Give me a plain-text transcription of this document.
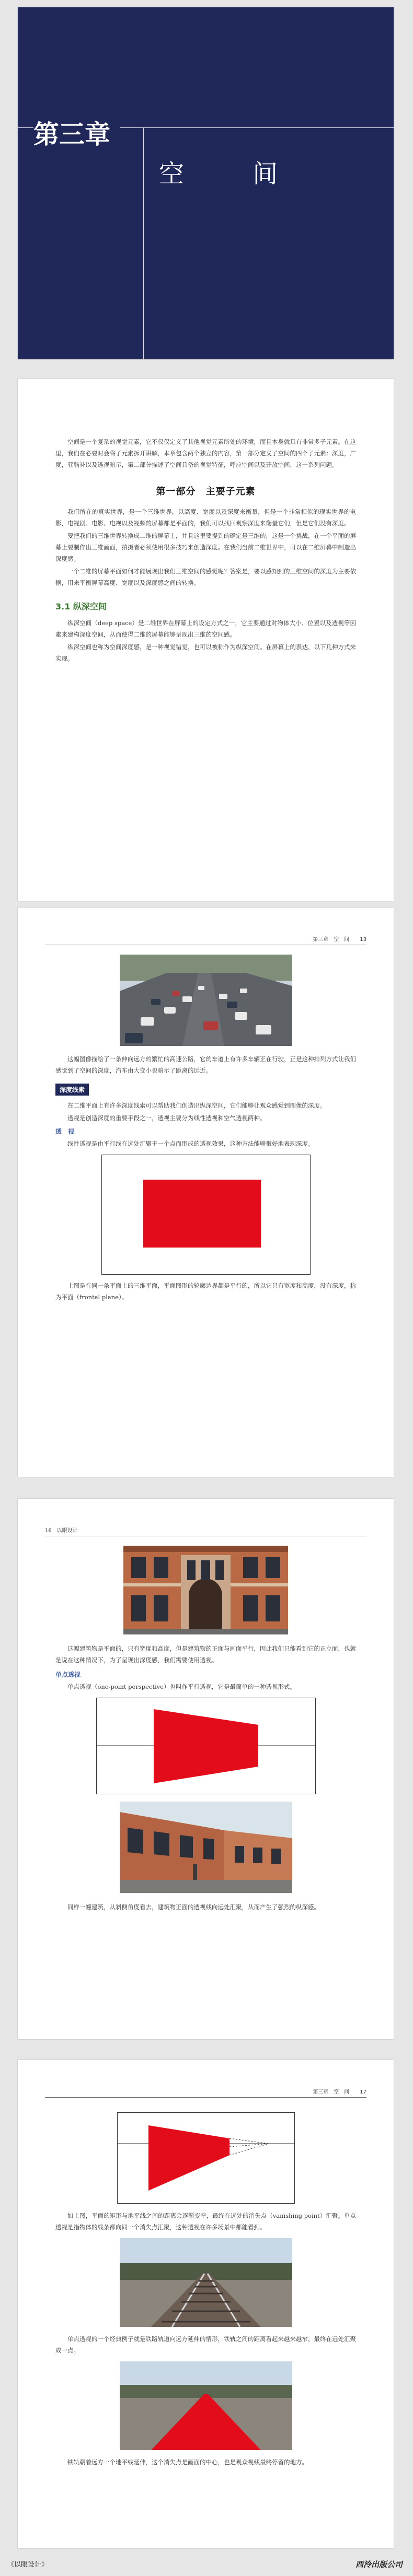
第三章
空 间

空间是一个复杂的视觉元素，它不仅仅定义了其他视觉元素所处的环境，而且本身就具有非常多子元素。在这里，我们在必要时会将子元素拆开讲解，本章包含两个独立的内容，第一部分定义了空间的四个子元素：深度，广度，亚脑补以及透视暗示，第二部分描述了空间具备的视觉特征，呼应空间以及开放空间，这一系列问题。

第一部分　主要子元素

我们所在的真实世界，是一个三维世界，以高度、宽度以及深度来衡量，但是一个非常相似的现实世界的电影，电视剧、电影、电视以及视频的屏幕都是平面的，我们可以找回观察深度来衡量它们，但是它们没有深度。

要把我们的三维世界转换成二维的屏幕上，并且这里要提到的确定是三维的，这是一个挑战，在一个平面的屏幕上要制作出三维画面，拍摄者必须使用很多技巧来创造深度。在我们当前二维世界中，可以在二维屏幕中制造出深度感。

一个二维的屏幕平面如何才能展现出我们三维空间的感觉呢？答案是，要以感知到的三维空间的深度为主要依据，用来平衡屏幕高度、宽度以及深度感之间的转换。

3.1 纵深空间

纵深空间（deep space）是二维世界在屏幕上的设定方式之一，它主要通过对物体大小、位置以及透视等因素来建构深度空间，从而使得二维的屏幕能够呈现出三维的空间感。

纵深空间也称为空间深度感，是一种视觉错觉，也可以被称作为纵深空间。在屏幕上的表达，以下几种方式来实现。

第三章　空　间　　13

这幅图像描绘了一条伸向远方的繁忙的高速公路，它的车道上有许多车辆正在行驶，正是这种排列方式让我们感觉到了空间的深度，汽车由大变小也暗示了距离的远近。

深度线索

在二维平面上有许多深度线索可以帮助我们创造出纵深空间，它们能够让观众感觉到图像的深度。

透视是创造深度的重要手段之一，透视主要分为线性透视和空气透视两种。

透　视

线性透视是由平行线在远处汇聚于一个点而形成的透视效果，这种方法能够很好地表现深度。

上图是在同一条平面上的三维平面，平面图形的轮廓边界都是平行的，所以它只有宽度和高度，没有深度，称为平面（frontal plane）。

16　以眼设计

这幅建筑物是平面的，只有宽度和高度，但是建筑物的正面与画面平行，因此我们只能看到它的正立面，也就是说在这种情况下，为了呈现出深度感，我们需要使用透视。

单点透视

单点透视（one-point perspective）也叫作平行透视，它是最简单的一种透视形式。

同样一幢建筑，从斜侧角度看去，建筑物正面的透视线向远处汇聚，从而产生了强烈的纵深感。

第三章　空　间　　17

如上图，平面的矩形与地平线之间的距离会逐渐变窄，最终在远处的消失点（vanishing point）汇聚。单点透视是指物体的线条都向同一个消失点汇聚，这种透视在许多场景中都能看到。

单点透视的一个经典例子就是铁路轨道向远方延伸的情形，铁轨之间的距离看起来越来越窄，最终在远处汇聚成一点。

铁轨朝着远方一个地平线延伸，这个消失点是画面的中心，也是观众视线最终停留的地方。

《以眼设计》	西泠出版公司
